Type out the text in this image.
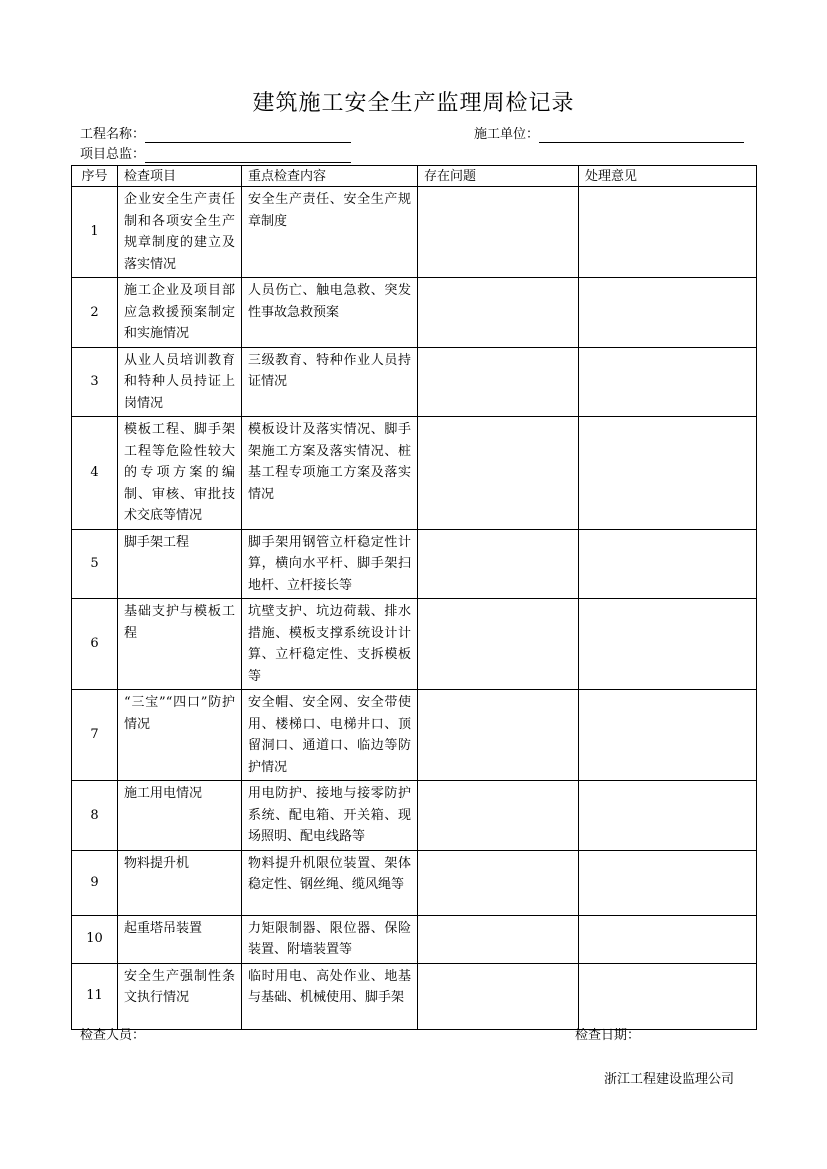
建筑施工安全生产监理周检记录
工程名称：	施工单位：
项目总监：
序号	检查项目	重点检查内容	存在问题	处理意见
1	企业安全生产责任制和各项安全生产规章制度的建立及落实情况	安全生产责任、安全生产规章制度		
2	施工企业及项目部应急救援预案制定和实施情况	人员伤亡、触电急救、突发性事故急救预案		
3	从业人员培训教育和特种人员持证上岗情况	三级教育、特种作业人员持证情况		
4	模板工程、脚手架工程等危险性较大的专项方案的编制、审核、审批技术交底等情况	模板设计及落实情况、脚手架施工方案及落实情况、桩基工程专项施工方案及落实情况		
5	脚手架工程	脚手架用钢管立杆稳定性计算，横向水平杆、脚手架扫地杆、立杆接长等		
6	基础支护与模板工程	坑壁支护、坑边荷载、排水措施、模板支撑系统设计计算、立杆稳定性、支拆模板等		
7	“三宝”“四口”防护情况	安全帽、安全网、安全带使用、楼梯口、电梯井口、顶留洞口、通道口、临边等防护情况		
8	施工用电情况	用电防护、接地与接零防护系统、配电箱、开关箱、现场照明、配电线路等		
9	物料提升机	物料提升机限位装置、架体稳定性、钢丝绳、缆风绳等		
10	起重塔吊装置	力矩限制器、限位器、保险装置、附墙装置等		
11	安全生产强制性条文执行情况	临时用电、高处作业、地基与基础、机械使用、脚手架		
检查人员：	检查日期：
浙江工程建设监理公司
